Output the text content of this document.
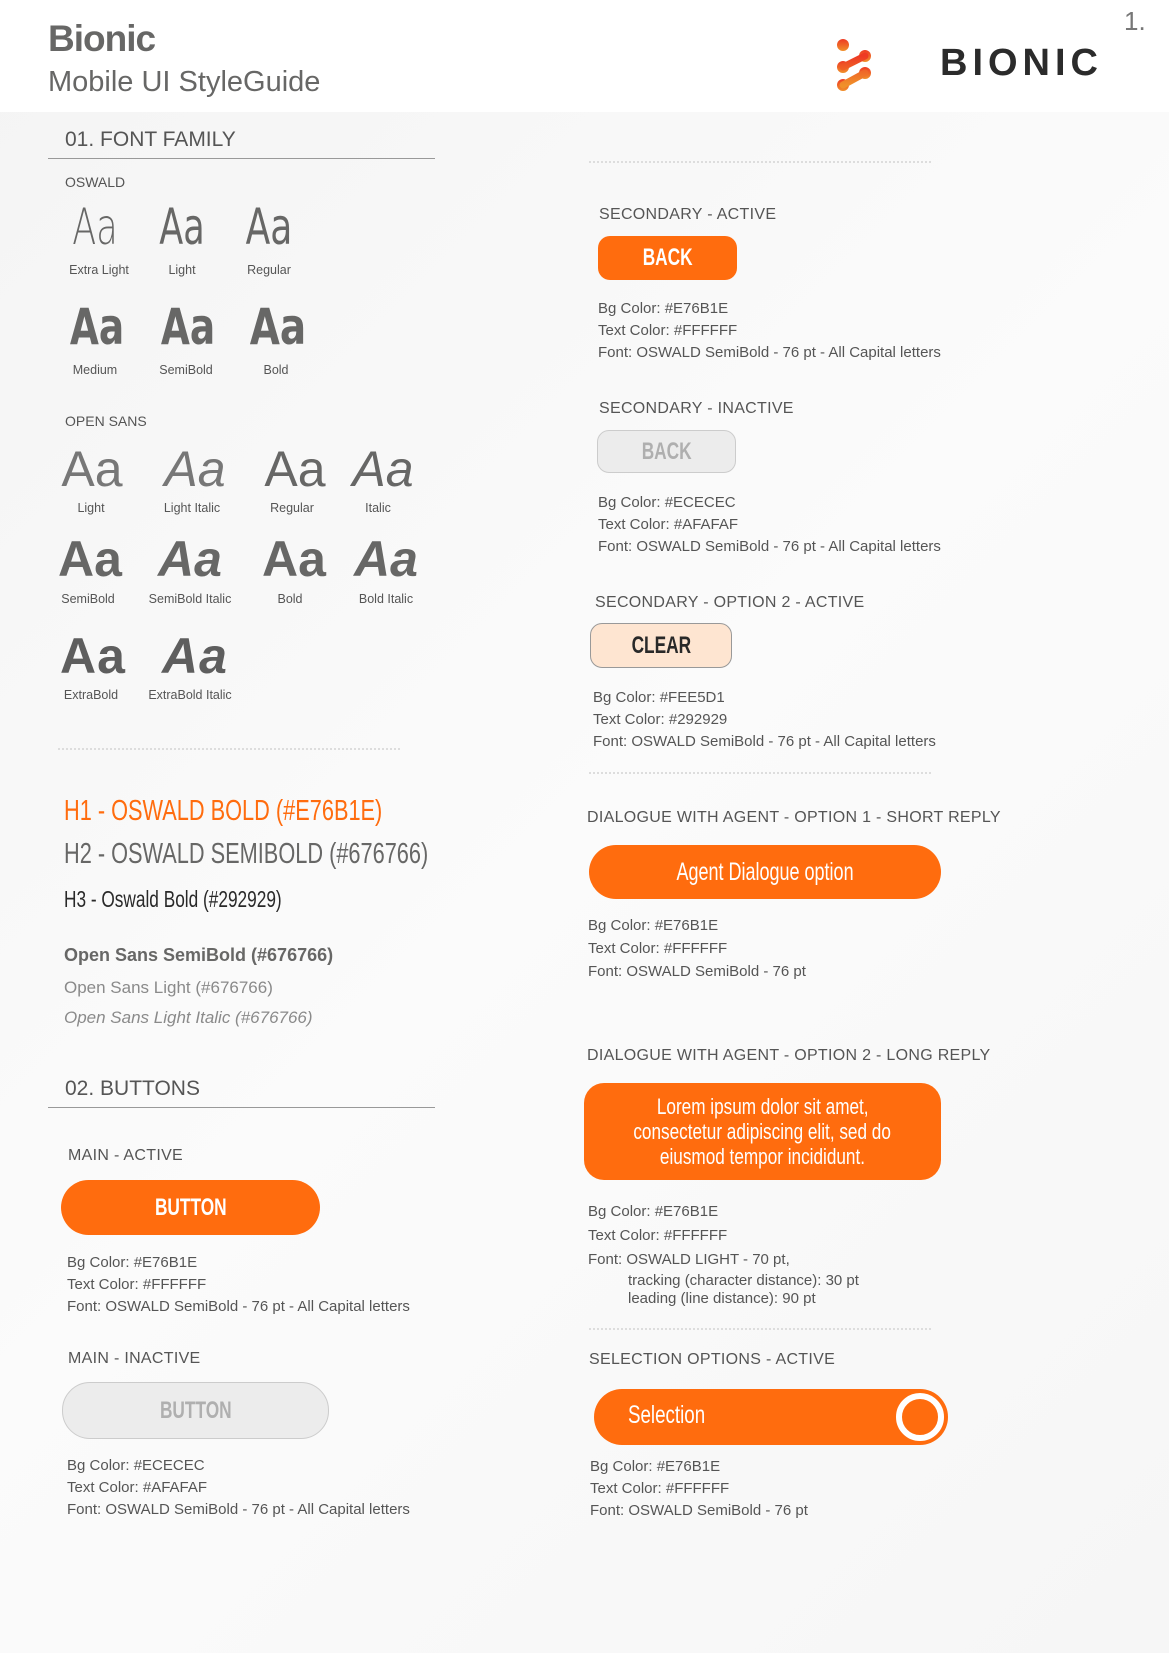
Bionic
Mobile UI StyleGuide
1.
BIONIC
01. FONT FAMILY
OSWALD
Aa Aa Aa
Extra Light	Light	Regular
Aa Aa Aa
Medium	SemiBold	Bold
OPEN SANS
Aa Aa Aa Aa
Light	Light Italic	Regular	Italic
Aa Aa Aa Aa
SemiBold	SemiBold Italic	Bold	Bold Italic
Aa Aa
ExtraBold	ExtraBold Italic
H1 - OSWALD BOLD (#E76B1E)
H2 - OSWALD SEMIBOLD (#676766)
H3 - Oswald Bold (#292929)
Open Sans SemiBold (#676766)
Open Sans Light (#676766)
Open Sans Light Italic (#676766)
02. BUTTONS
MAIN - ACTIVE
BUTTON
Bg Color: #E76B1E
Text Color: #FFFFFF
Font: OSWALD SemiBold - 76 pt - All Capital letters
MAIN - INACTIVE
BUTTON
Bg Color: #ECECEC
Text Color: #AFAFAF
Font: OSWALD SemiBold - 76 pt - All Capital letters
SECONDARY - ACTIVE
BACK
Bg Color: #E76B1E
Text Color: #FFFFFF
Font: OSWALD SemiBold - 76 pt - All Capital letters
SECONDARY - INACTIVE
BACK
Bg Color: #ECECEC
Text Color: #AFAFAF
Font: OSWALD SemiBold - 76 pt - All Capital letters
SECONDARY - OPTION 2 - ACTIVE
CLEAR
Bg Color: #FEE5D1
Text Color: #292929
Font: OSWALD SemiBold - 76 pt - All Capital letters
DIALOGUE WITH AGENT - OPTION 1 - SHORT REPLY
Agent Dialogue option
Bg Color: #E76B1E
Text Color: #FFFFFF
Font: OSWALD SemiBold - 76 pt
DIALOGUE WITH AGENT - OPTION 2 - LONG REPLY
Lorem ipsum dolor sit amet,
consectetur adipiscing elit, sed do
eiusmod tempor incididunt.
Bg Color: #E76B1E
Text Color: #FFFFFF
Font: OSWALD LIGHT - 70 pt,
tracking (character distance): 30 pt
leading (line distance): 90 pt
SELECTION OPTIONS - ACTIVE
Selection
Bg Color: #E76B1E
Text Color: #FFFFFF
Font: OSWALD SemiBold - 76 pt
